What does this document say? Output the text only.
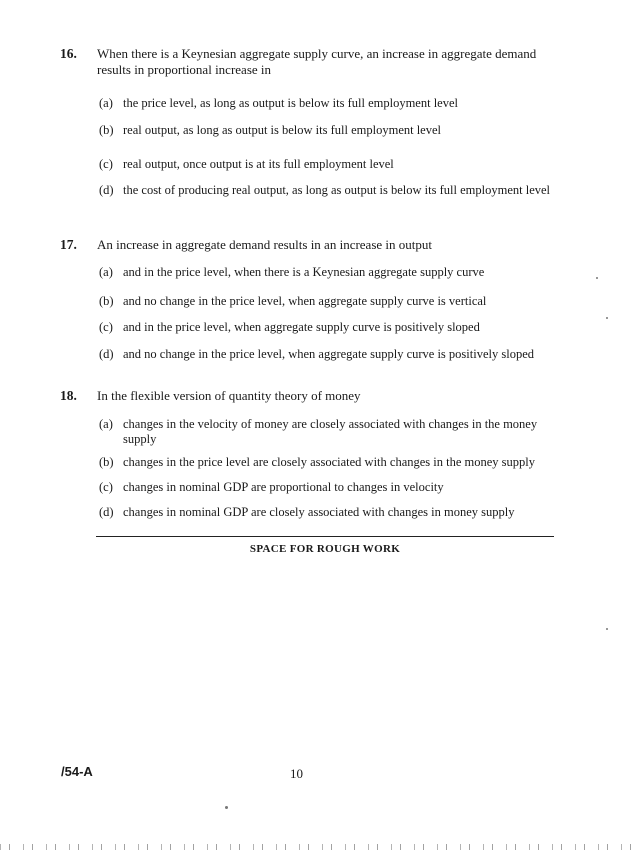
16. When there is a Keynesian aggregate supply curve, an increase in aggregate demand results in proportional increase in
(a) the price level, as long as output is below its full employment level
(b) real output, as long as output is below its full employment level
(c) real output, once output is at its full employment level
(d) the cost of producing real output, as long as output is below its full employment level
17. An increase in aggregate demand results in an increase in output
(a) and in the price level, when there is a Keynesian aggregate supply curve
(b) and no change in the price level, when aggregate supply curve is vertical
(c) and in the price level, when aggregate supply curve is positively sloped
(d) and no change in the price level, when aggregate supply curve is positively sloped
18. In the flexible version of quantity theory of money
(a) changes in the velocity of money are closely associated with changes in the money supply
(b) changes in the price level are closely associated with changes in the money supply
(c) changes in nominal GDP are proportional to changes in velocity
(d) changes in nominal GDP are closely associated with changes in money supply
SPACE FOR ROUGH WORK
/54-A	10
